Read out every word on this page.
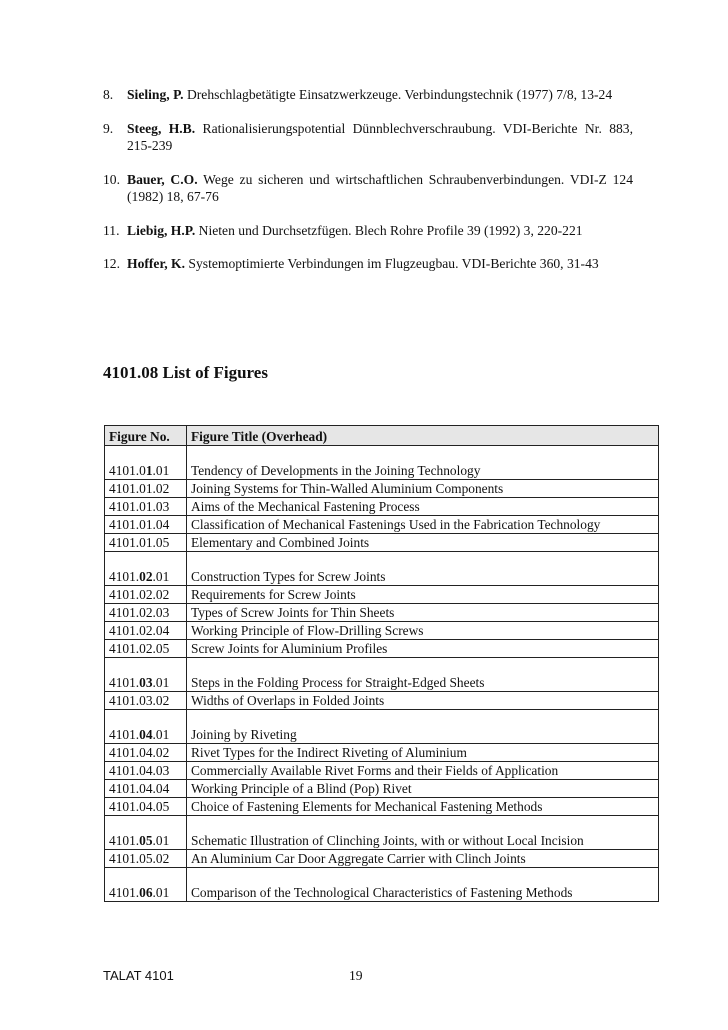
8.	Sieling, P. Drehschlagbetätigte Einsatzwerkzeuge. Verbindungstechnik (1977) 7/8, 13-24
9.	Steeg, H.B. Rationalisierungspotential Dünnblechverschraubung. VDI-Berichte Nr. 883, 215-239
10. Bauer, C.O. Wege zu sicheren und wirtschaftlichen Schraubenverbindungen. VDI-Z 124 (1982) 18, 67-76
11. Liebig, H.P. Nieten und Durchsetzfügen. Blech Rohre Profile 39 (1992) 3, 220-221
12. Hoffer, K. Systemoptimierte Verbindungen im Flugzeugbau. VDI-Berichte 360, 31-43
4101.08 List of Figures
Figure No.	Figure Title (Overhead)
4101.01.01	Tendency of Developments in the Joining Technology
4101.01.02	Joining Systems for Thin-Walled Aluminium Components
4101.01.03	Aims of the Mechanical Fastening Process
4101.01.04	Classification of Mechanical Fastenings Used in the Fabrication Technology
4101.01.05	Elementary and Combined Joints
4101.02.01	Construction Types for Screw Joints
4101.02.02	Requirements for Screw Joints
4101.02.03	Types of Screw Joints for Thin Sheets
4101.02.04	Working Principle of Flow-Drilling Screws
4101.02.05	Screw Joints for Aluminium Profiles
4101.03.01	Steps in the Folding Process for Straight-Edged Sheets
4101.03.02	Widths of Overlaps in Folded Joints
4101.04.01	Joining by Riveting
4101.04.02	Rivet Types for the Indirect Riveting of Aluminium
4101.04.03	Commercially Available Rivet Forms and their Fields of Application
4101.04.04	Working Principle of a Blind (Pop) Rivet
4101.04.05	Choice of Fastening Elements for Mechanical Fastening Methods
4101.05.01	Schematic Illustration of Clinching Joints, with or without Local Incision
4101.05.02	An Aluminium Car Door Aggregate Carrier with Clinch Joints
4101.06.01	Comparison of the Technological Characteristics of Fastening Methods
TALAT 4101	19
